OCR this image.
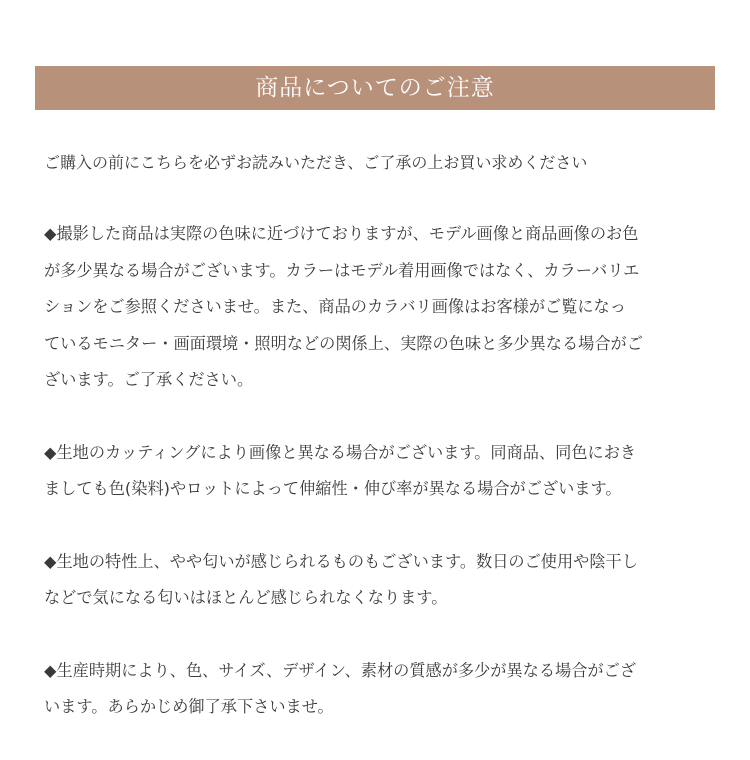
商品についてのご注意

ご購入の前にこちらを必ずお読みいただき、ご了承の上お買い求めください

◆撮影した商品は実際の色味に近づけておりますが、モデル画像と商品画像のお色
が多少異なる場合がございます。カラーはモデル着用画像ではなく、カラーバリエ
ションをご参照くださいませ。また、商品のカラバリ画像はお客様がご覧になっ
ているモニター・画面環境・照明などの関係上、実際の色味と多少異なる場合がご
ざいます。ご了承ください。
◆生地のカッティングにより画像と異なる場合がございます。同商品、同色におき
ましても色(染料)やロットによって伸縮性・伸び率が異なる場合がございます。
◆生地の特性上、やや匂いが感じられるものもございます。数日のご使用や陰干し
などで気になる匂いはほとんど感じられなくなります。
◆生産時期により、色、サイズ、デザイン、素材の質感が多少が異なる場合がござ
います。あらかじめ御了承下さいませ。
